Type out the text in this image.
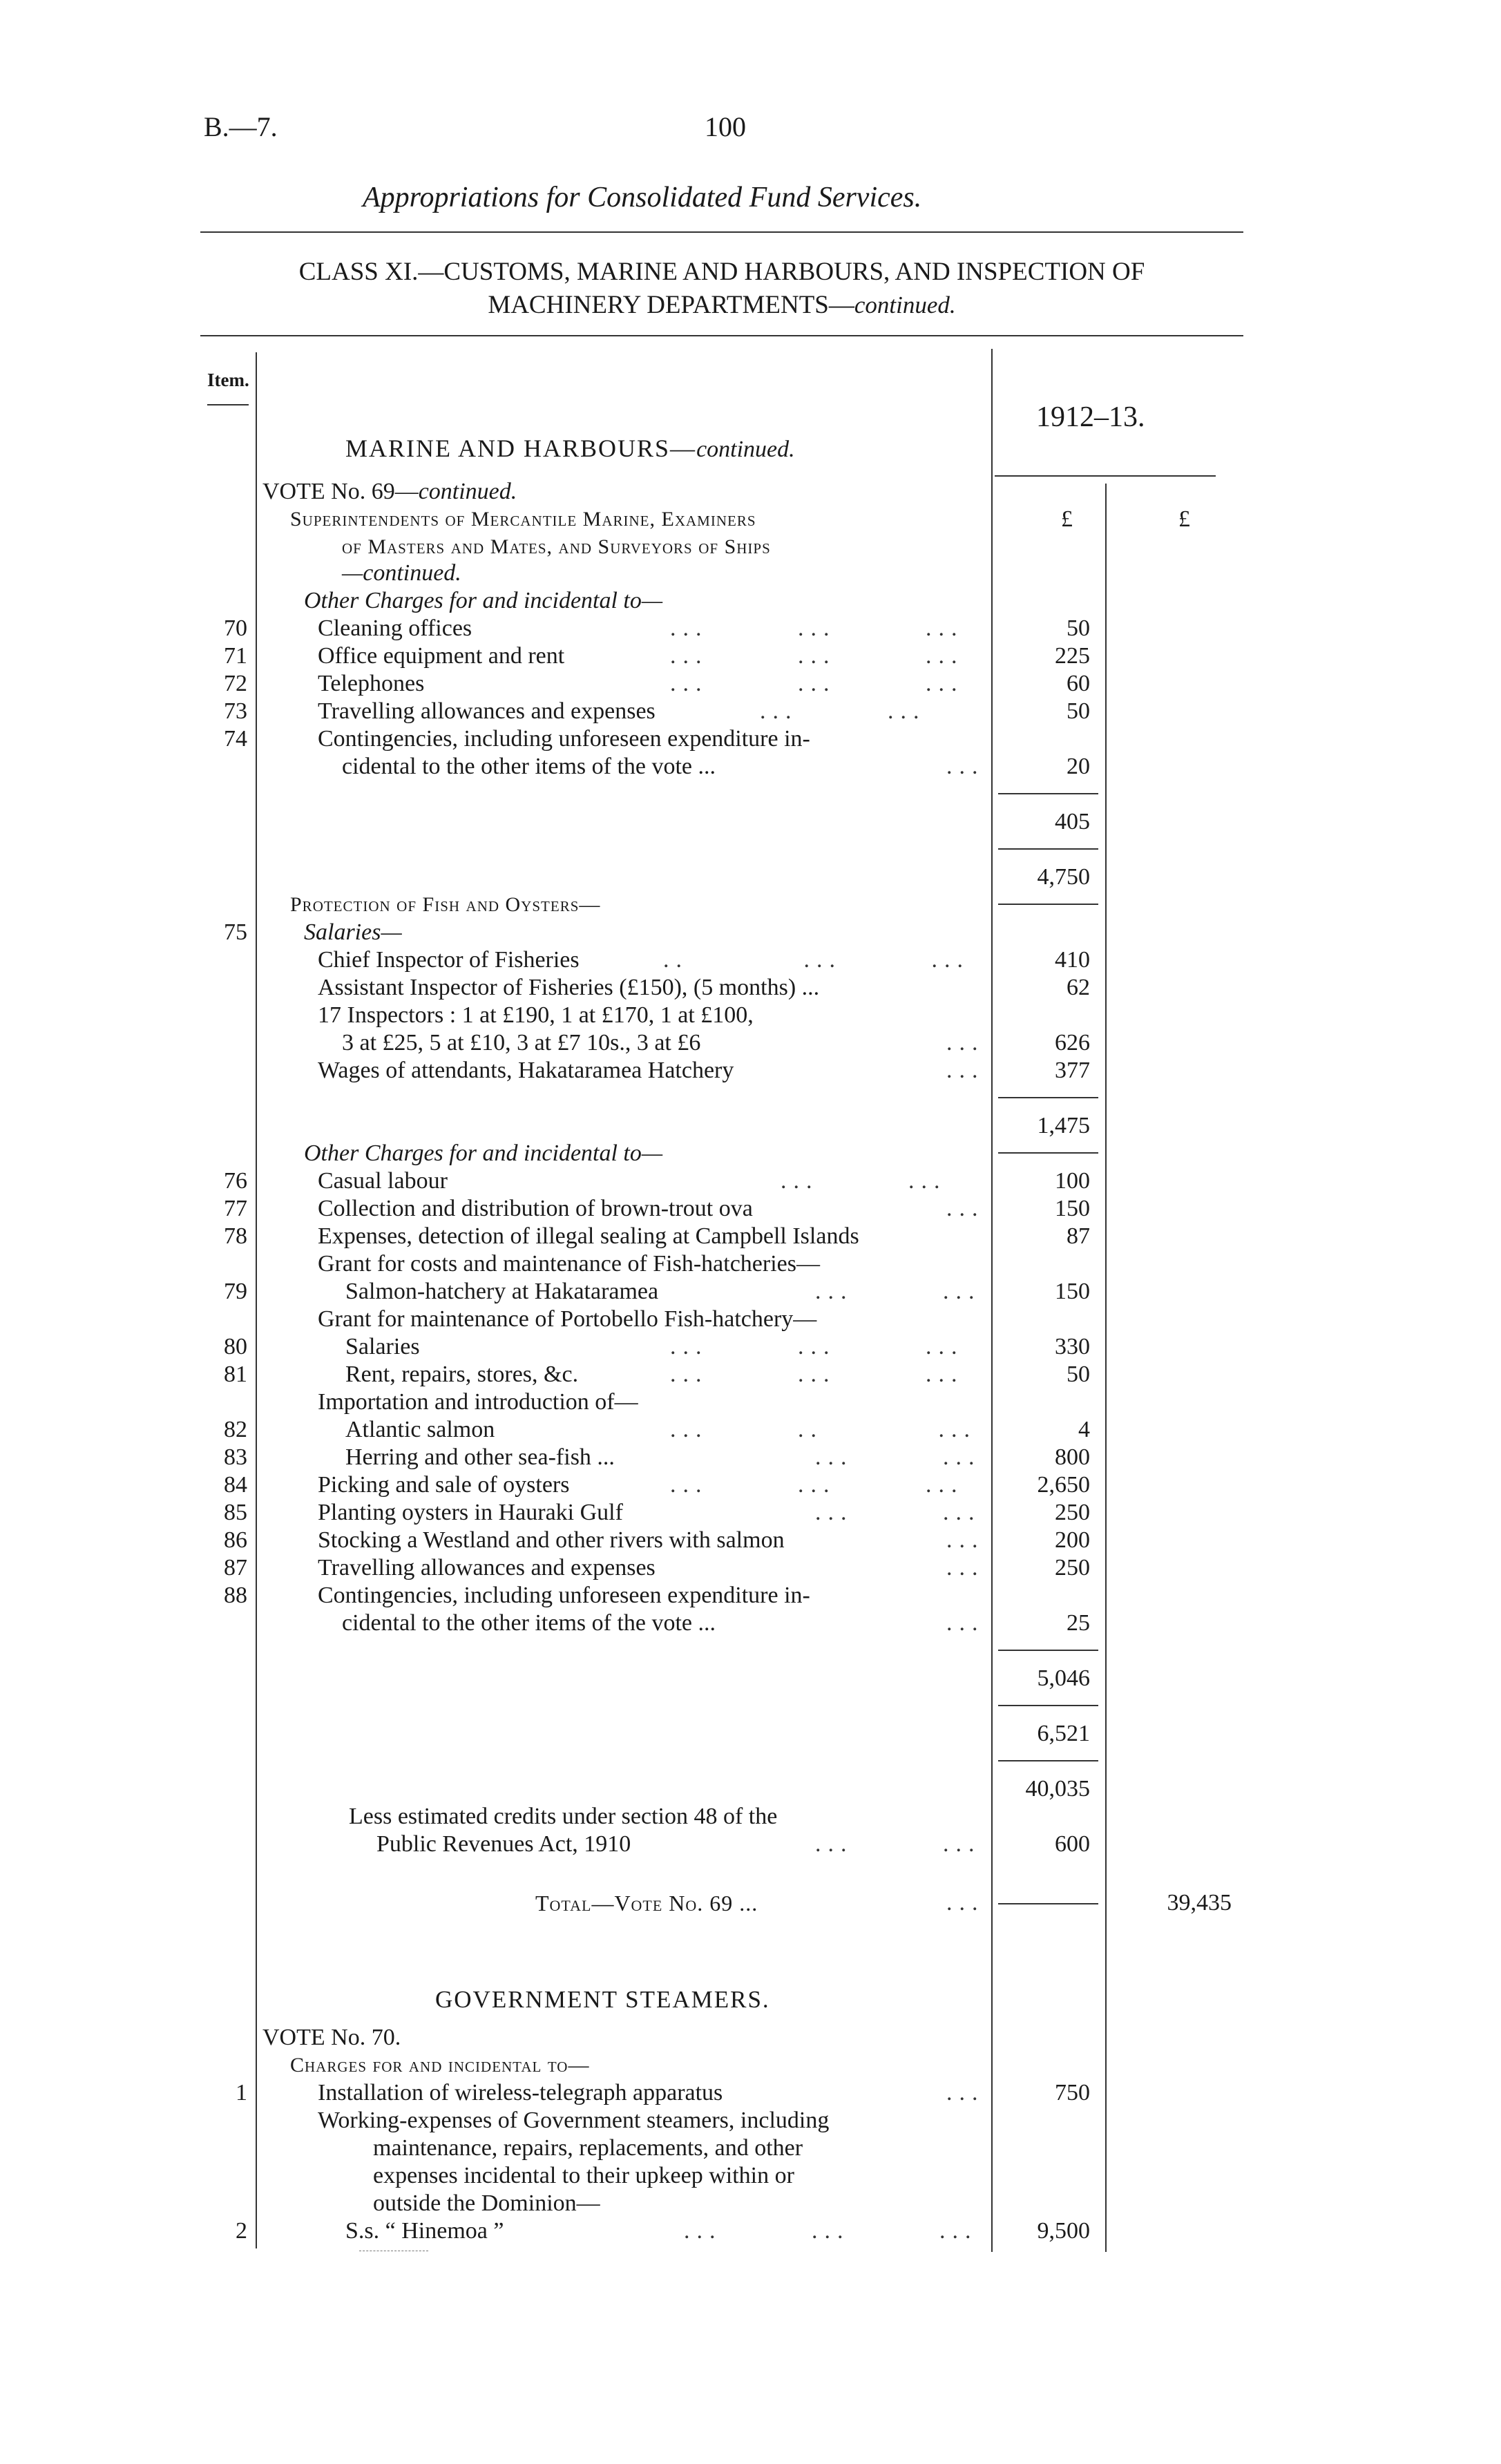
B.—7.	100
Appropriations for Consolidated Fund Services.
CLASS XI.—CUSTOMS, MARINE AND HARBOURS, AND INSPECTION OF
MACHINERY DEPARTMENTS—continued.
Item.
1912–13.
MARINE AND HARBOURS—continued.
VOTE No. 69—continued.
Superintendents of Mercantile Marine, Examiners	£	£
of Masters and Mates, and Surveyors of Ships
—continued.
Other Charges for and incidental to—
70	Cleaning offices	...       ...       ...	50
71	Office equipment and rent	...       ...       ...	225
72	Telephones	...       ...       ...	60
73	Travelling allowances and expenses	...       ...	50
74	Contingencies, including unforeseen expenditure in-
cidental to the other items of the vote ...	...	20
405
4,750
Protection of Fish and Oysters—
75 Salaries—
Chief Inspector of Fisheries	..         ...       ...	410
Assistant Inspector of Fisheries (£150), (5 months) ...	62
17 Inspectors : 1 at £190, 1 at £170, 1 at £100,
3 at £25, 5 at £10, 3 at £7 10s., 3 at £6	...	626
Wages of attendants, Hakataramea Hatchery	...	377
1,475
Other Charges for and incidental to—
76	Casual labour	...       ...	100
77	Collection and distribution of brown-trout ova	...	150
78	Expenses, detection of illegal sealing at Campbell Islands	87
Grant for costs and maintenance of Fish-hatcheries—
79	Salmon-hatchery at Hakataramea	...       ...	150
Grant for maintenance of Portobello Fish-hatchery—
80	Salaries	...       ...       ...	330
81	Rent, repairs, stores, &c.	...       ...       ...	50
Importation and introduction of—
82	Atlantic salmon	...       ..         ...	4
83	Herring and other sea-fish ...	...       ...	800
84	Picking and sale of oysters	...       ...       ...	2,650
85	Planting oysters in Hauraki Gulf	...       ...	250
86	Stocking a Westland and other rivers with salmon	...	200
87	Travelling allowances and expenses	...	250
88	Contingencies, including unforeseen expenditure in-
cidental to the other items of the vote ...	...	25
5,046
6,521
40,035
Less estimated credits under section 48 of the
Public Revenues Act, 1910	...       ...	600
Total—Vote No. 69 ...	...	39,435
GOVERNMENT STEAMERS.
VOTE No. 70.
Charges for and incidental to—
1	Installation of wireless-telegraph apparatus	...	750
Working-expenses of Government steamers, including
maintenance, repairs, replacements, and other
expenses incidental to their upkeep within or
outside the Dominion—
2	S.s. “ Hinemoa ”	...       ...       ...	9,500
